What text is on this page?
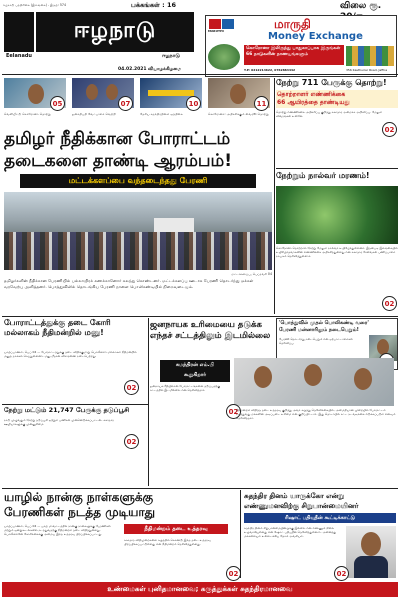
ஈழநாடு பத்திரிகை (இலங்கை) - இதழ்: 574	பக்கங்கள் : 16	விலை ரூ.
ஈழநாடு
Eelanadu	ஈழநாடு
04.02.2021 வியாழக்கிழமை
MARUTHI	மாருதி
Money Exchange
கொரோனா இலிருந்து பாதுகாப்பாக இருங்கள்
66 நாடுகளின் நாணயங்களும்
T.P: 0212214622, 0762884442	356 Kasthuriar Road, Jaffna
05
வெளியீட்டு கொரோனா தொற்று
07
ஜனாதிபதி வேட்பாளர் வெற்றி
10
தேசிய சுதந்திரதினம் ஒத்திகை
11
கொரோனா: அதிகரிக்கும் வைரஸ் தொற்று
நேற்று 711 பேருக்கு தொற்று!
தொற்றாளர் எண்ணிக்கை
66 ஆயிரத்தை தாண்டியது
தொற்று எண்ணிக்கை அதிகரிப்பு குறித்து சுகாதார அமைச்சு அறிவிப்பு. மேலும் விவரங்கள் உள்ளே.
02
நேற்றும் நால்வர் மரணம்!
கொரோனா தொற்றால் நேற்று மேலும் நால்வர் உயிரிழந்துள்ளனர். இதன்படி இலங்கையில் உயிரிழந்தவர்களின் எண்ணிக்கை அதிகரித்துள்ளது என சுகாதார சேவைகள் பணிப்பாளர் நாயகம் தெரிவித்துள்ளார்.
02
தமிழர் நீதிக்கான போராட்டம்
தடைகளை தாண்டி ஆரம்பம்!
மட்டக்களப்பை வந்தடைந்தது பேரணி
மட்டக்களப்பு, பெப்ரவரி 04
தமிழர்களின் நீதிக்கான பேரணியில் பல்லாயிரக் கணக்கானோர் கலந்து கொண்டனர். மட்டக்களப்பு ஊடாக பேரணி தொடர்ந்து மக்கள் வரவேற்பு அளித்தனர். பொத்துவிலில் தொடங்கிய பேரணி நாளை பொலிகண்டியில் நிறைவடையும்.
'பொத்துவில் முதல் பொலிகண்டி வரை'
பேரணி மன்னாரிலும் நடைபெறும்!
பேரணி தொடர்ந்து நடைபெறும் என ஏற்பாட்டாளர்கள் தெரிவிப்பு.
போராட்டத்துக்கு தடை கோரி மல்லாகம் நீதிமன்றில் மனு!
யாழ்ப்பாணம், பெப் 04 — போராட்டத்துக்கு தடை விதிக்குமாறு பொலிஸார் மல்லாகம் நீதிமன்றில் மனுத் தாக்கல் செய்துள்ளனர். மனு மீதான விசாரணை நடைபெற்றது.
02
ஜனநாயக உரிமையை தடுக்க
எந்தச் சட்டத்திலும் இடமில்லை
சுமந்திரன் எம்.பி
கூறுகிறார்
ஜனநாயக ரீதியிலான போராட்டங்களை தடுப்பதற்கு சட்டத்தில் இடமில்லை என தெரிவித்தார்.
02
நேற்று மட்டும் 21,747 பேருக்கு தடுப்பூசி
நாடு முழுவதும் நேற்று தடுப்பூசி ஏற்றும் பணிகள் முன்னெடுக்கப்பட்டன. சுகாதார ஊழியர்களுக்கு முன்னுரிமை.
02
நீதிமன்றம் விதித்த தடை உத்தரவு குறித்து அவர் கருத்து தெரிவிக்கையில், அமைதியான முறையில் போராட்டம் நடத்துவது மக்களின் அடிப்படை உரிமை என குறிப்பிட்டார். இது தொடர்பில் சட்ட நடவடிக்கை எடுக்கப்படும் எனவும் தெரிவித்தார்.
யாழில் நான்கு நாள்களுக்கு
பேரணிகள் நடத்த முடியாது
நீதிமன்றம் தடை உத்தரவு
யாழ்ப்பாணம், பெப் 04 — யாழ் மாவட்டத்தில் நான்கு நாள்களுக்கு பேரணிகள் மற்றும் ஒன்றுகூடல்களை நடத்துவதற்கு நீதிமன்றம் தடை விதித்துள்ளது. பொலிஸாரின் கோரிக்கைக்கு அமைய இந்த உத்தரவு பிறப்பிக்கப்பட்டது.
சுகாதார விதிமுறைகளை கருத்தில் கொண்டு இந்த தடை உத்தரவு பிறப்பிக்கப்பட்டுள்ளது என நீதிமன்றம் தெரிவித்துள்ளது.
02
சுதந்திர தினம் யாருக்கோ என்று
எண்ணுமளவிற்கு சிறுபான்மையினர்
ரிஷாட் பதியுதீன் கூட்டிக்காட்டு
சுதந்திர தினம் சிறுபான்மையினருக்கு இல்லை என எண்ணும் நிலை உருவாகியுள்ளது என ரிஷாட் பதியுதீன் தெரிவித்துள்ளார். அனைத்து மக்களையும் உள்ளடக்கிய தேசம் அவசியம்.
02
உண்மைகள் புனிதமானவை; கருத்துக்கள் சுதந்திரமானவை
